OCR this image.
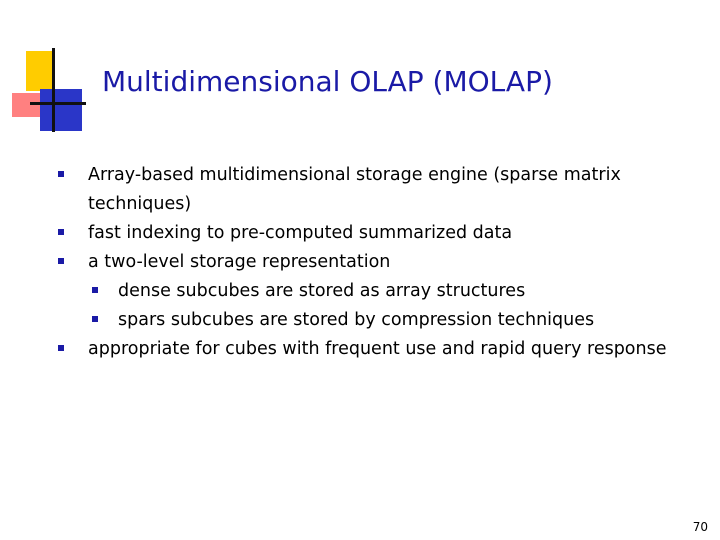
Multidimensional OLAP (MOLAP)
Array-based multidimensional storage engine (sparse matrix techniques)
fast indexing to pre-computed summarized data
a two-level storage representation
dense subcubes are stored as array structures
spars subcubes are stored by compression techniques
appropriate for cubes with frequent use and rapid query response
70
